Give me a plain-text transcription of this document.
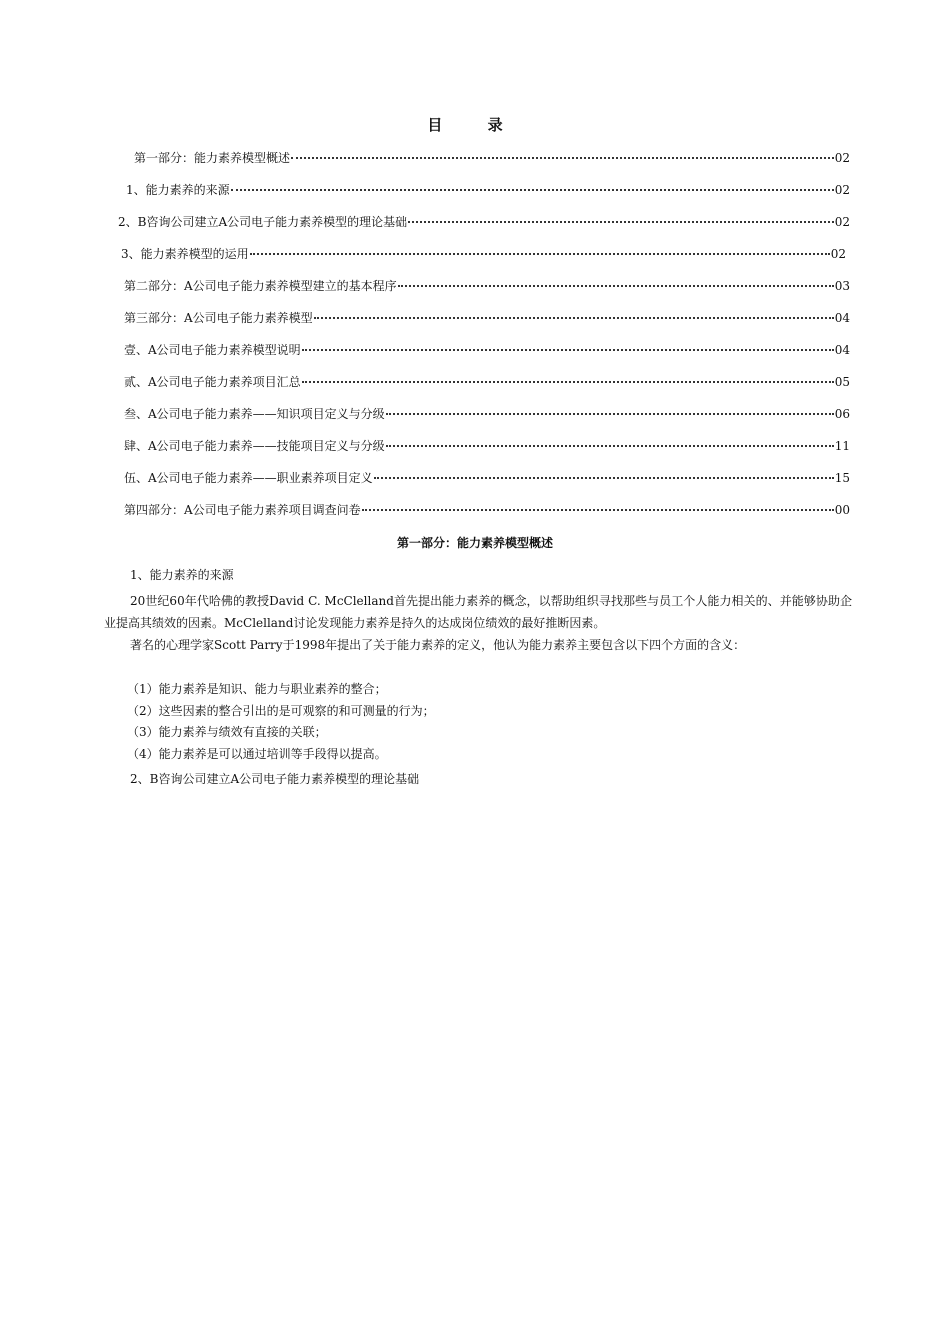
目 录
第一部分：能力素养模型概述	02
1、能力素养的来源	02
2、B咨询公司建立A公司电子能力素养模型的理论基础	02
3、能力素养模型的运用	02
第二部分：A公司电子能力素养模型建立的基本程序	03
第三部分：A公司电子能力素养模型	04
壹、A公司电子能力素养模型说明	04
贰、A公司电子能力素养项目汇总	05
叁、A公司电子能力素养——知识项目定义与分级	06
肆、A公司电子能力素养——技能项目定义与分级	11
伍、A公司电子能力素养——职业素养项目定义	15
第四部分：A公司电子能力素养项目调查问卷	00
第一部分：能力素养模型概述
1、能力素养的来源
20世纪60年代哈佛的教授David C. McClelland首先提出能力素养的概念，以帮助组织寻找那些与员工个人能力相关的、并能够协助企业提高其绩效的因素。McClelland讨论发现能力素养是持久的达成岗位绩效的最好推断因素。
著名的心理学家Scott Parry于1998年提出了关于能力素养的定义，他认为能力素养主要包含以下四个方面的含义：
（1）能力素养是知识、能力与职业素养的整合；
（2）这些因素的整合引出的是可观察的和可测量的行为；
（3）能力素养与绩效有直接的关联；
（4）能力素养是可以通过培训等手段得以提高。
2、B咨询公司建立A公司电子能力素养模型的理论基础
